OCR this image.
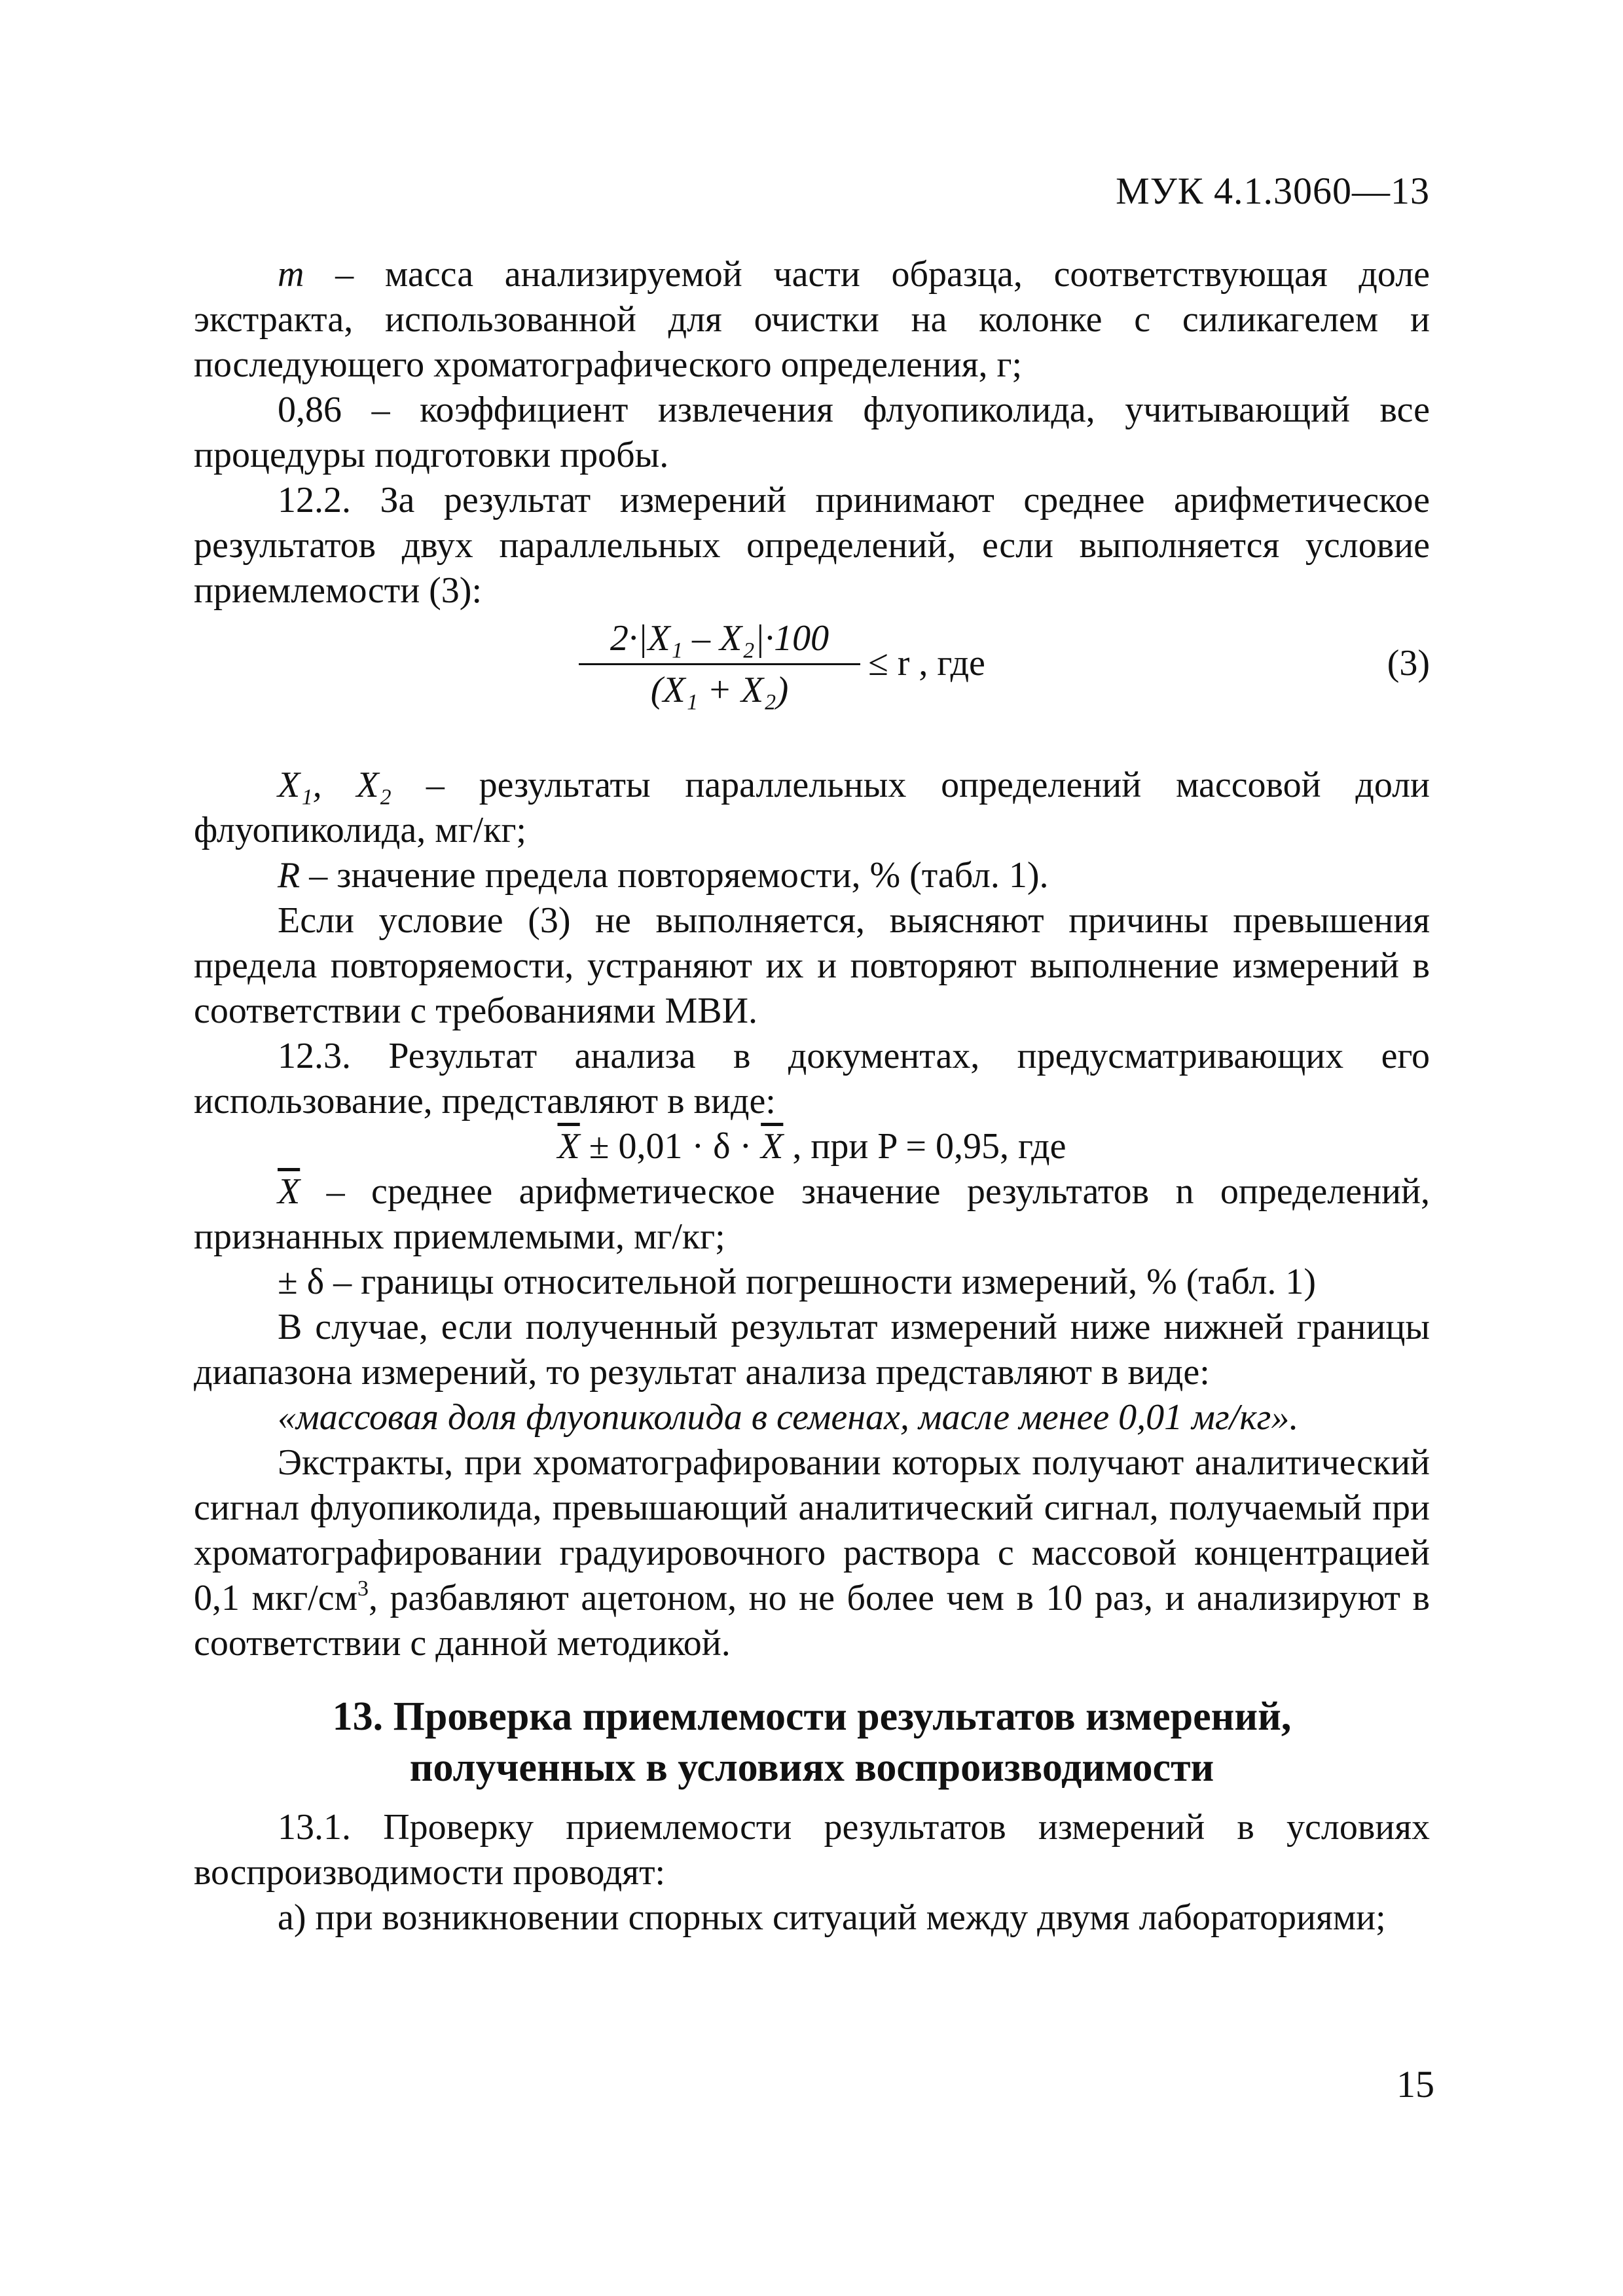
МУК 4.1.3060—13

m – масса анализируемой части образца, соответствующая доле экстракта, использованной для очистки на колонке с силикагелем и последующего хроматографического определения, г;

0,86 – коэффициент извлечения флуопиколида, учитывающий все процедуры подготовки пробы.

12.2. За результат измерений принимают среднее арифметическое результатов двух параллельных определений, если выполняется условие приемлемости (3):

$\frac{\text{2·|X₁ – X₂|·100}}{\text{(X₁ + X₂)}} \le r$ , где	(3)

X₁, X₂ – результаты параллельных определений массовой доли флуопиколида, мг/кг;

R – значение предела повторяемости, % (табл. 1).

Если условие (3) не выполняется, выясняют причины превышения предела повторяемости, устраняют их и повторяют выполнение измерений в соответствии с требованиями МВИ.

12.3. Результат анализа в документах, предусматривающих его использование, представляют в виде:

$\overline{X} \pm 0,01 \cdot \delta \cdot \overline{X}$ , при P = 0,95, где

$\overline{X}$ – среднее арифметическое значение результатов n определений, признанных приемлемыми, мг/кг;

± δ – границы относительной погрешности измерений, % (табл. 1)

В случае, если полученный результат измерений ниже нижней границы диапазона измерений, то результат анализа представляют в виде:

«массовая доля флуопиколида в семенах, масле менее 0,01 мг/кг».

Экстракты, при хроматографировании которых получают аналитический сигнал флуопиколида, превышающий аналитический сигнал, получаемый при хроматографировании градуировочного раствора с массовой концентрацией 0,1 мкг/$см^3$, разбавляют ацетоном, но не более чем в 10 раз, и анализируют в соответствии с данной методикой.

13. Проверка приемлемости результатов измерений,
полученных в условиях воспроизводимости

13.1. Проверку приемлемости результатов измерений в условиях воспроизводимости проводят:

а) при возникновении спорных ситуаций между двумя лабораториями;

15
